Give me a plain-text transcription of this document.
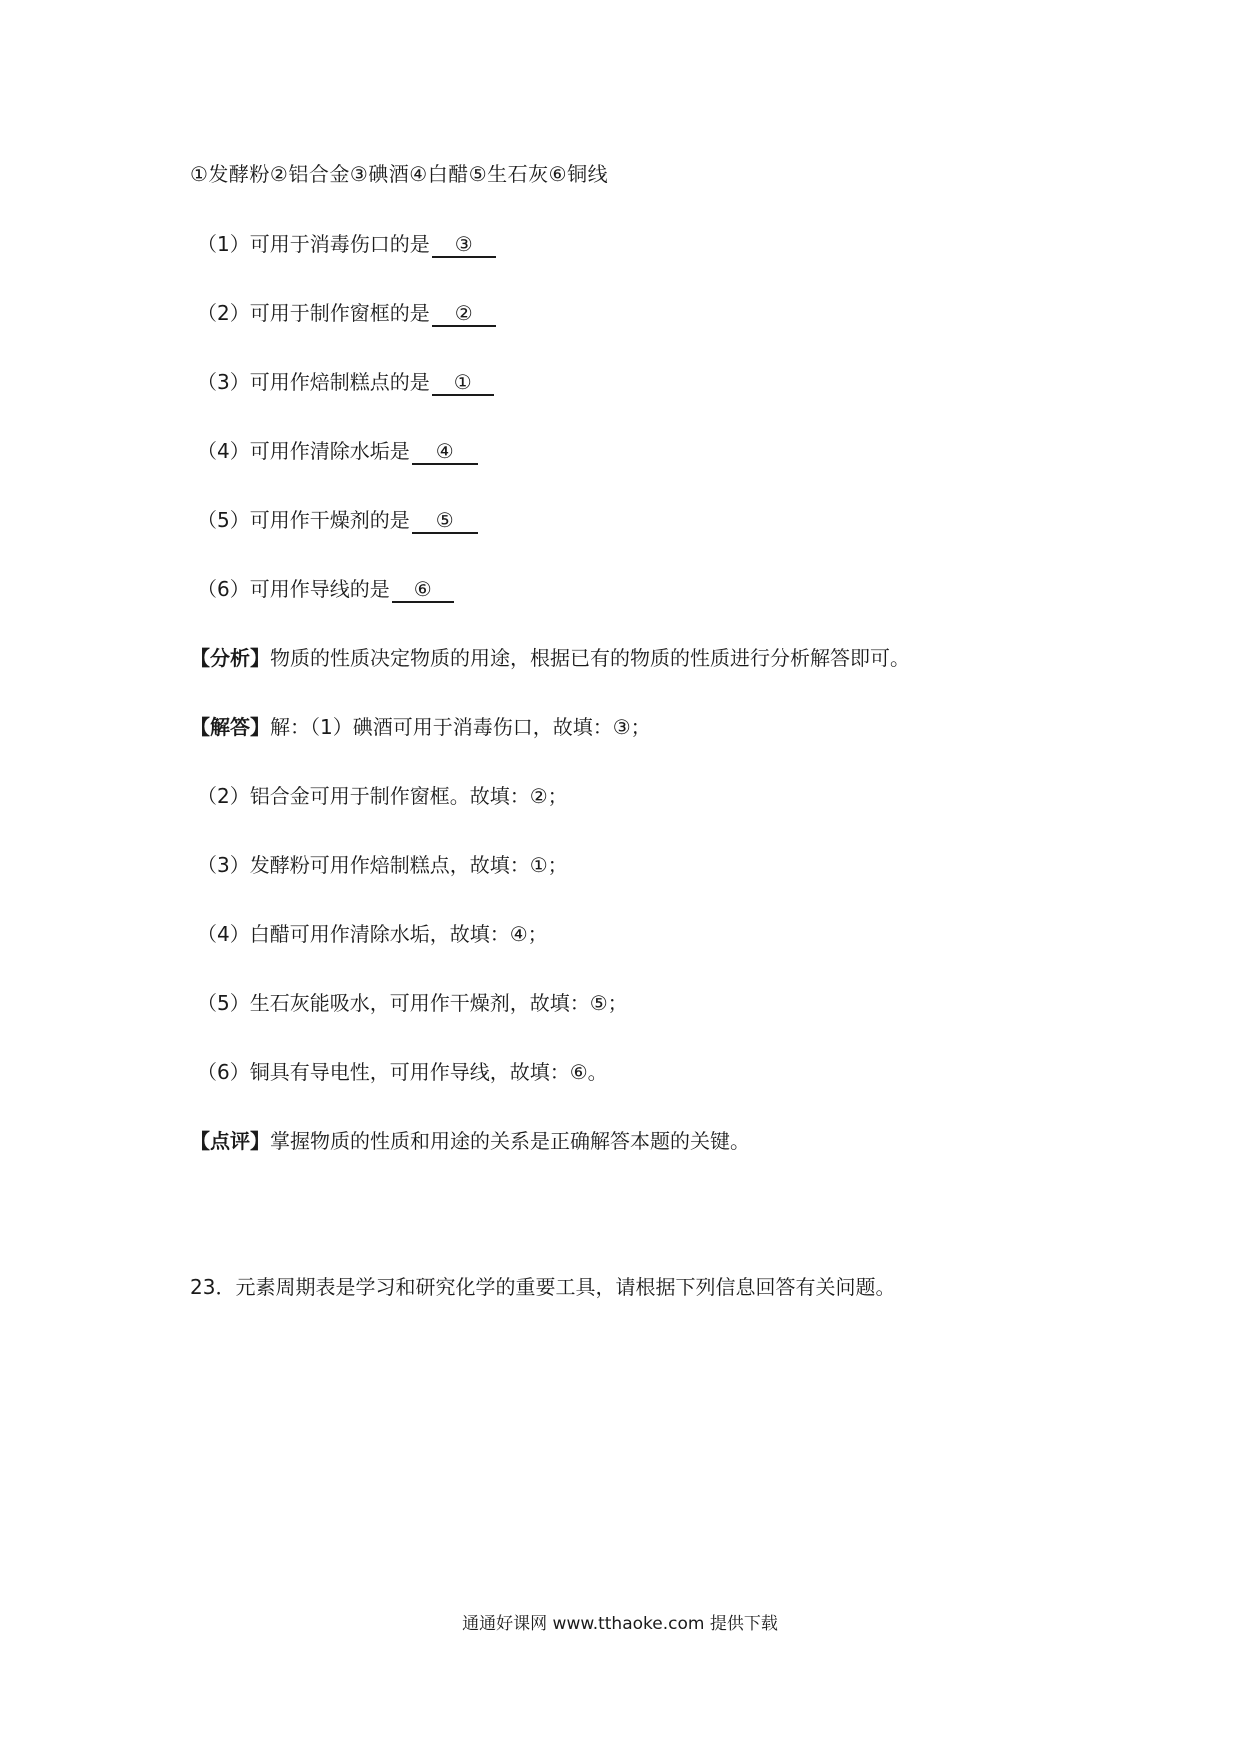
①发酵粉②铝合金③碘酒④白醋⑤生石灰⑥铜线
（1）可用于消毒伤口的是 ③
（2）可用于制作窗框的是 ②
（3）可用作焙制糕点的是 ①
（4）可用作清除水垢是 ④
（5）可用作干燥剂的是 ⑤
（6）可用作导线的是 ⑥
【分析】物质的性质决定物质的用途，根据已有的物质的性质进行分析解答即可。
【解答】解：（1）碘酒可用于消毒伤口，故填：③；
（2）铝合金可用于制作窗框。故填：②；
（3）发酵粉可用作焙制糕点，故填：①；
（4）白醋可用作清除水垢，故填：④；
（5）生石灰能吸水，可用作干燥剂，故填：⑤；
（6）铜具有导电性，可用作导线，故填：⑥。
【点评】掌握物质的性质和用途的关系是正确解答本题的关键。
23．元素周期表是学习和研究化学的重要工具，请根据下列信息回答有关问题。
通通好课网 www.tthaoke.com 提供下载
